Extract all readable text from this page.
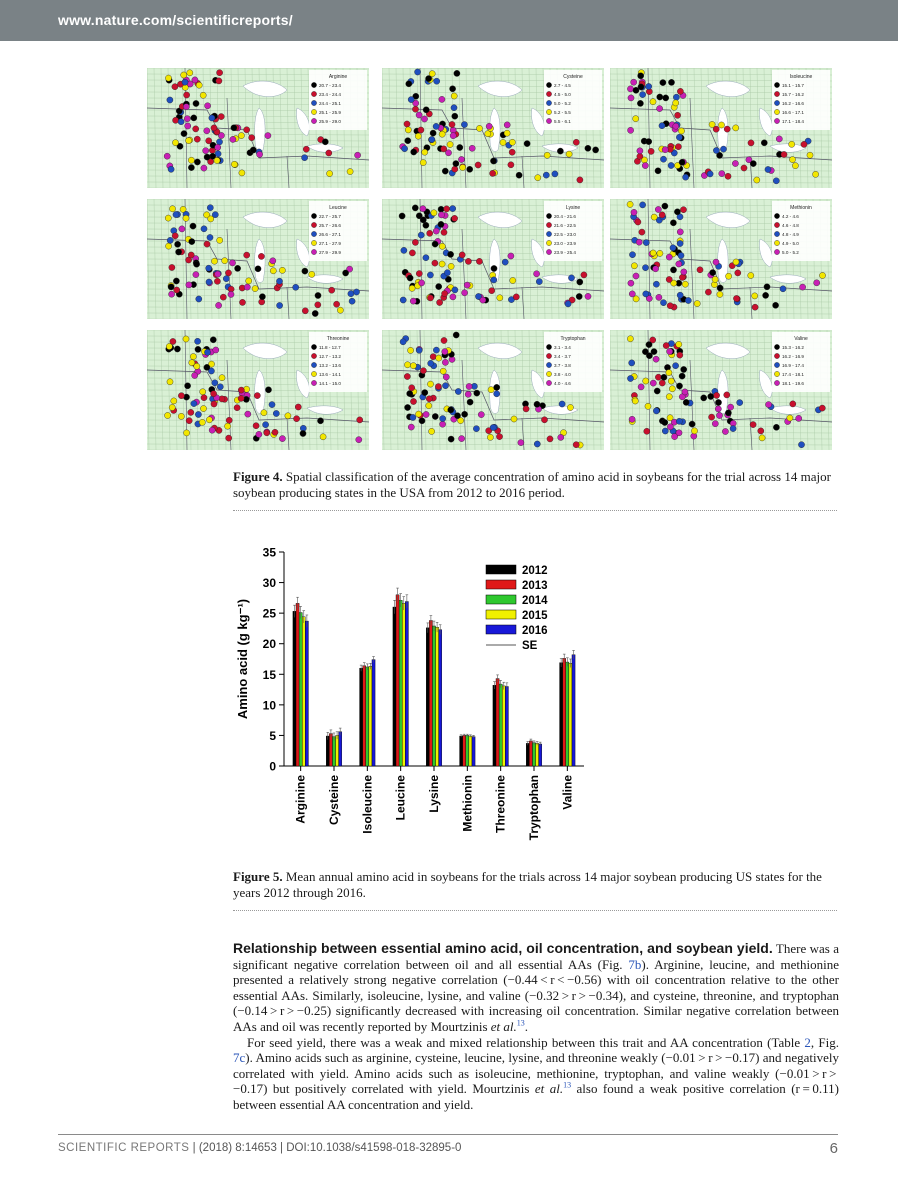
www.nature.com/scientificreports/
Arginine
20.7 - 23.4
23.4 - 24.4
24.4 - 25.1
25.1 - 25.9
25.9 - 29.0
Cysteine
2.7 - 4.5
4.5 - 5.0
5.0 - 5.2
5.2 - 5.5
5.5 - 6.1
Isoleucine
15.1 - 15.7
15.7 - 16.2
16.2 - 16.6
16.6 - 17.1
17.1 - 18.4
Leucine
22.7 - 25.7
25.7 - 26.6
26.6 - 27.1
27.1 - 27.9
27.9 - 29.9
Lysine
20.4 - 21.6
21.6 - 22.5
22.5 - 23.0
23.0 - 23.9
23.9 - 25.4
Methionin
4.2 - 4.6
4.6 - 4.8
4.8 - 4.9
4.9 - 5.0
5.0 - 5.2
Threonine
11.8 - 12.7
12.7 - 13.2
13.2 - 13.6
13.6 - 14.1
14.1 - 15.0
Tryptophan
3.1 - 3.4
3.4 - 3.7
3.7 - 3.8
3.8 - 4.0
4.0 - 4.6
Valine
15.3 - 16.2
16.2 - 16.9
16.9 - 17.4
17.4 - 18.1
18.1 - 19.6
Figure 4. Spatial classification of the average concentration of amino acid in soybeans for the trial across 14 major soybean producing states in the USA from 2012 to 2016 period.
0
5
10
15
20
25
30
35
Amino acid (g kg⁻¹)
Arginine Cysteine Isoleucine Leucine Lysine Methionin Threonine Tryptophan Valine
2012
2013
2014
2015
2016
SE
Figure 5. Mean annual amino acid in soybeans for the trials across 14 major soybean producing US states for the years 2012 through 2016.

Relationship between essential amino acid, oil concentration, and soybean yield. There was a significant negative correlation between oil and all essential AAs (Fig. 7b). Arginine, leucine, and methionine presented a relatively strong negative correlation (−0.44 < r < −0.56) with oil concentration relative to the other essential AAs. Similarly, isoleucine, lysine, and valine (−0.32 > r > −0.34), and cysteine, threonine, and tryptophan (−0.14 > r > −0.25) significantly decreased with increasing oil concentration. Similar negative correlation between AAs and oil was recently reported by Mourtzinis et al.$^{13}$.

For seed yield, there was a weak and mixed relationship between this trait and AA concentration (Table 2, Fig. 7c). Amino acids such as arginine, cysteine, leucine, lysine, and threonine weakly (−0.01 > r > −0.17) and negatively correlated with yield. Amino acids such as isoleucine, methionine, tryptophan, and valine weakly (−0.01 > r > −0.17) but positively correlated with yield. Mourtzinis et al.$^{13}$ also found a weak positive correlation (r = 0.11) between essential AA concentration and yield.

SCIENTIFIC REPORTS | (2018) 8:14653 | DOI:10.1038/s41598-018-32895-0	6
